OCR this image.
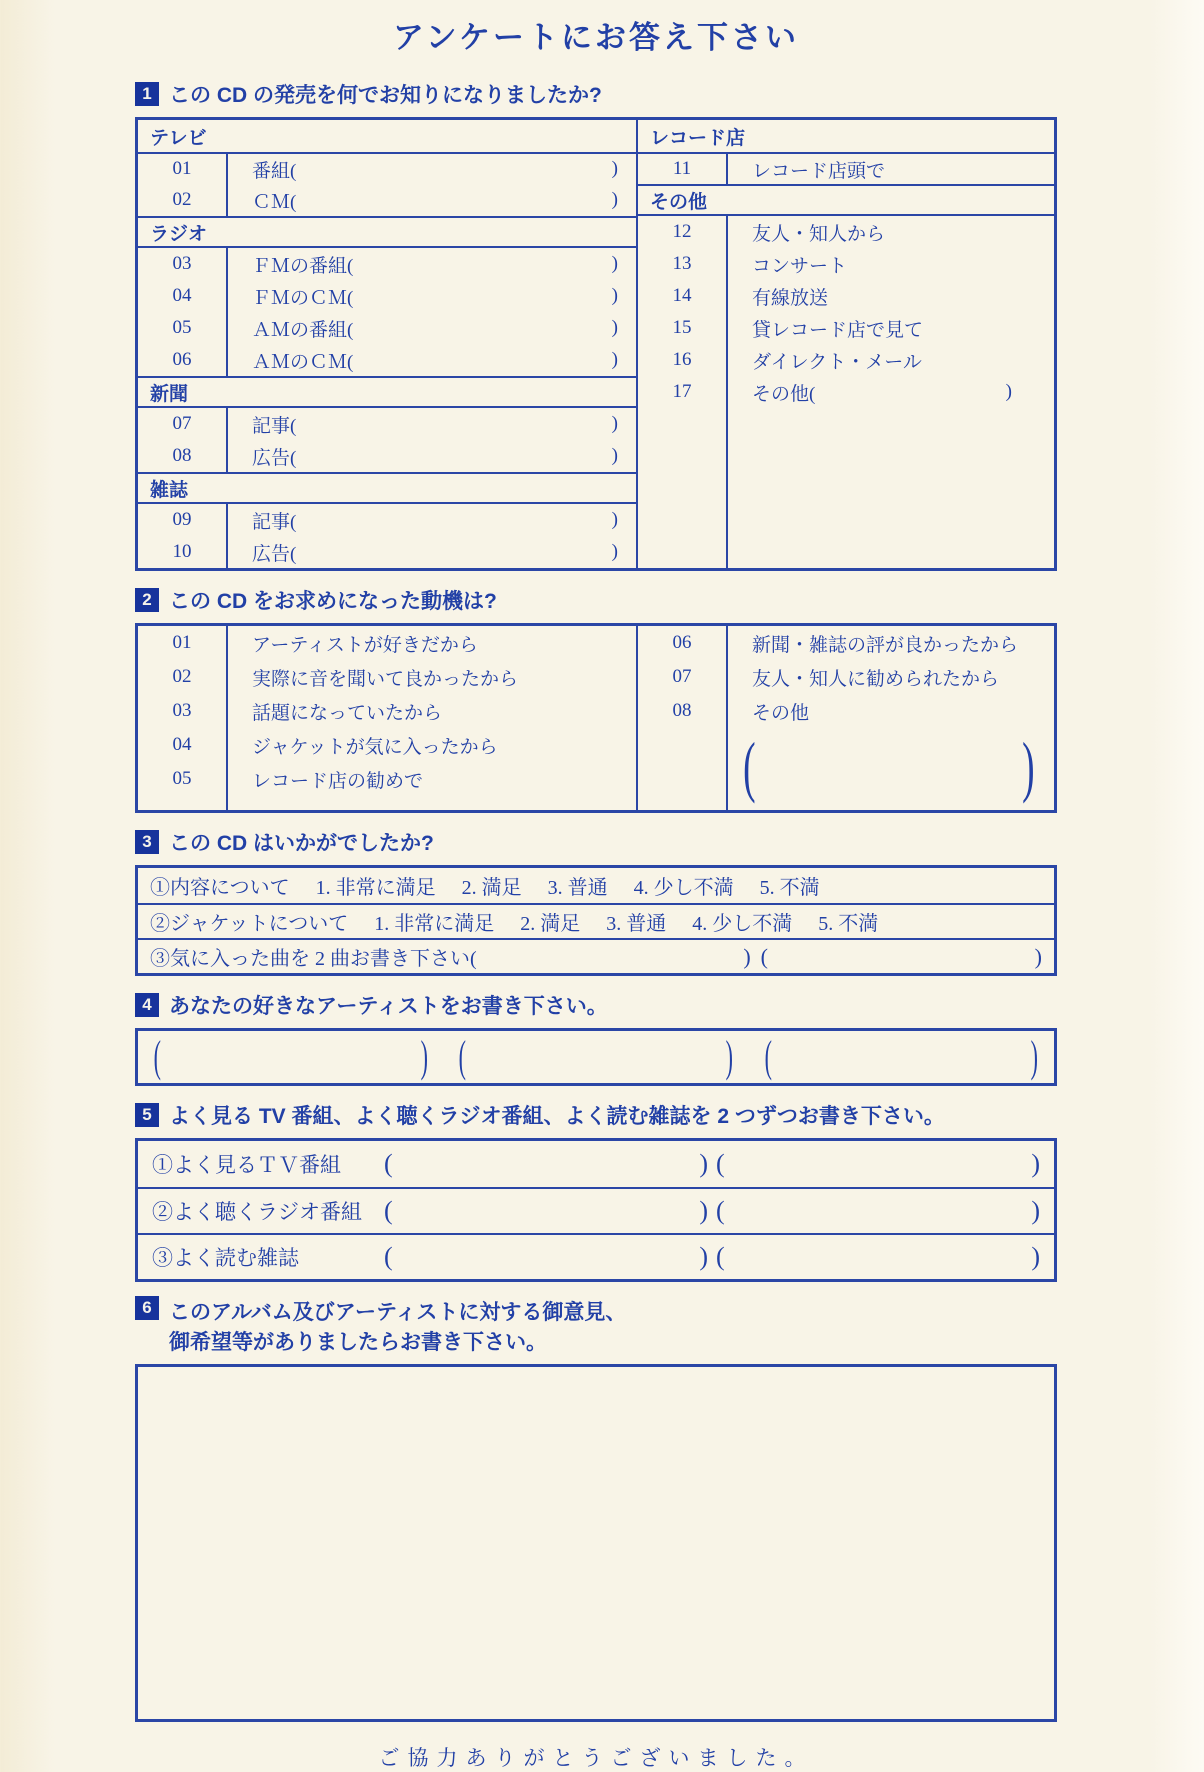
アンケートにお答え下さい
1 この CD の発売を何でお知りになりましたか?
テレビ
01	番組(	)
02	ＣＭ(	)
ラジオ
03	ＦＭの番組(	)
04	ＦＭのＣＭ(	)
05	ＡＭの番組(	)
06	ＡＭのＣＭ(	)
新聞
07	記事(	)
08	広告(	)
雑誌
09	記事(	)
10	広告(	)
レコード店
11	レコード店頭で
その他
12	友人・知人から
13	コンサート
14	有線放送
15	貸レコード店で見て
16	ダイレクト・メール
17	その他(	)
2 この CD をお求めになった動機は?
01	アーティストが好きだから
02	実際に音を聞いて良かったから
03	話題になっていたから
04	ジャケットが気に入ったから
05	レコード店の勧めで
06	新聞・雑誌の評が良かったから
07	友人・知人に勧められたから
08	その他
(	)
3 この CD はいかがでしたか?
①内容について 1. 非常に満足 2. 満足 3. 普通 4. 少し不満 5. 不満
②ジャケットについて 1. 非常に満足 2. 満足 3. 普通 4. 少し不満 5. 不満
③気に入った曲を 2 曲お書き下さい(	) (	)
4 あなたの好きなアーティストをお書き下さい。
(	) (	) (	)
5 よく見る TV 番組、よく聴くラジオ番組、よく読む雑誌を 2 つずつお書き下さい。
①よく見るＴＶ番組	(	) (	)
②よく聴くラジオ番組 (	) (	)
③よく読む雑誌	(	) (	)
6 このアルバム及びアーティストに対する御意見、
御希望等がありましたらお書き下さい。
ご協力ありがとうございました。
